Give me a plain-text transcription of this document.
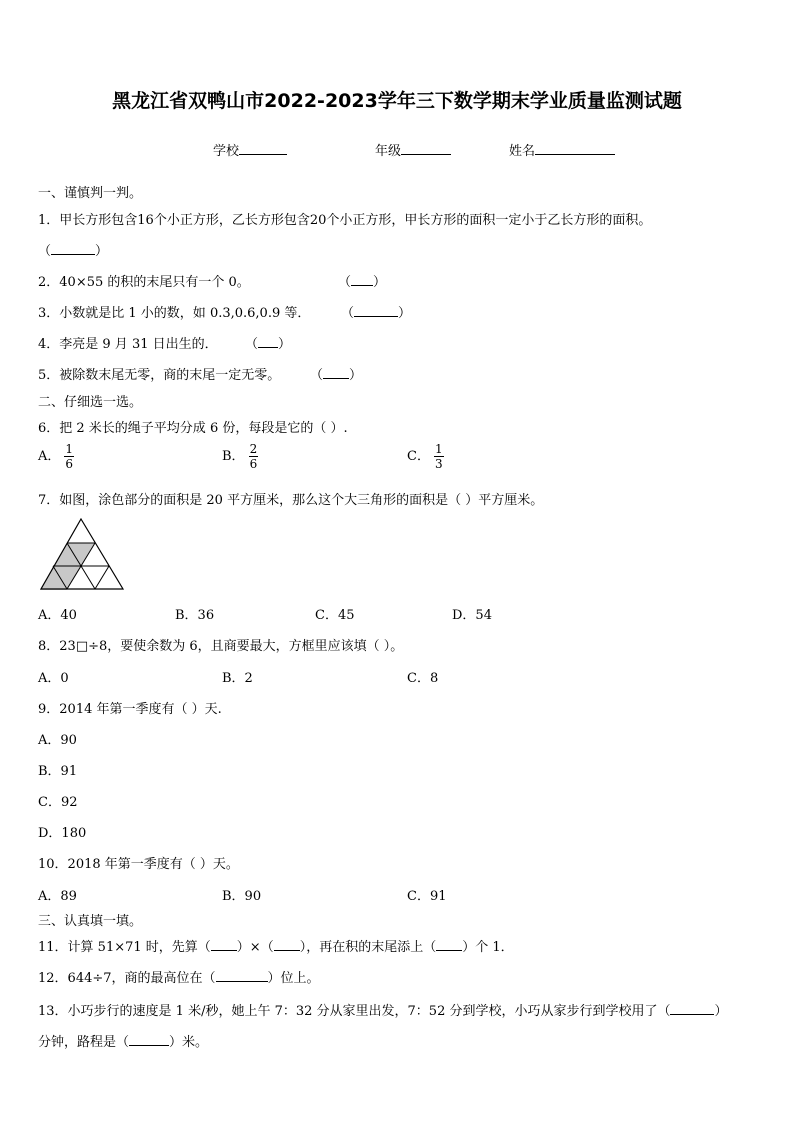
黑龙江省双鸭山市2022-2023学年三下数学期末学业质量监测试题
学校	年级	姓名
一、谨慎判一判。
1．甲长方形包含16个小正方形，乙长方形包含20个小正方形，甲长方形的面积一定小于乙长方形的面积。
（	）
2．40×55 的积的末尾只有一个 0。	（ ）
3．小数就是比 1 小的数，如 0.3,0.6,0.9 等． （	）
4．李亮是 9 月 31 日出生的． （ ）
5．被除数末尾无零，商的末尾一定无零。 （ ）
二、仔细选一选。
6．把 2 米长的绳子平均分成 6 份，每段是它的（ ）.
A． $\frac{1}{6}$	B． $\frac{2}{6}$	C． $\frac{1}{3}$
7．如图，涂色部分的面积是 20 平方厘米，那么这个大三角形的面积是（ ）平方厘米。
A．40	B．36	C．45	D．54
8．23□÷8，要使余数为 6，且商要最大，方框里应该填（ ）。
A．0	B．2	C．8
9．2014 年第一季度有（ ）天.
A．90
B．91
C．92
D．180
10．2018 年第一季度有（ ）天。
A．89	B．90	C．91
三、认真填一填。
11．计算 51×71 时，先算（ ）×（ ），再在积的末尾添上（ ）个 1．
12．644÷7，商的最高位在（	）位上。
13．小巧步行的速度是 1 米/秒，她上午 7：32 分从家里出发，7：52 分到学校，小巧从家步行到学校用了（	）
分钟，路程是（	）米。
